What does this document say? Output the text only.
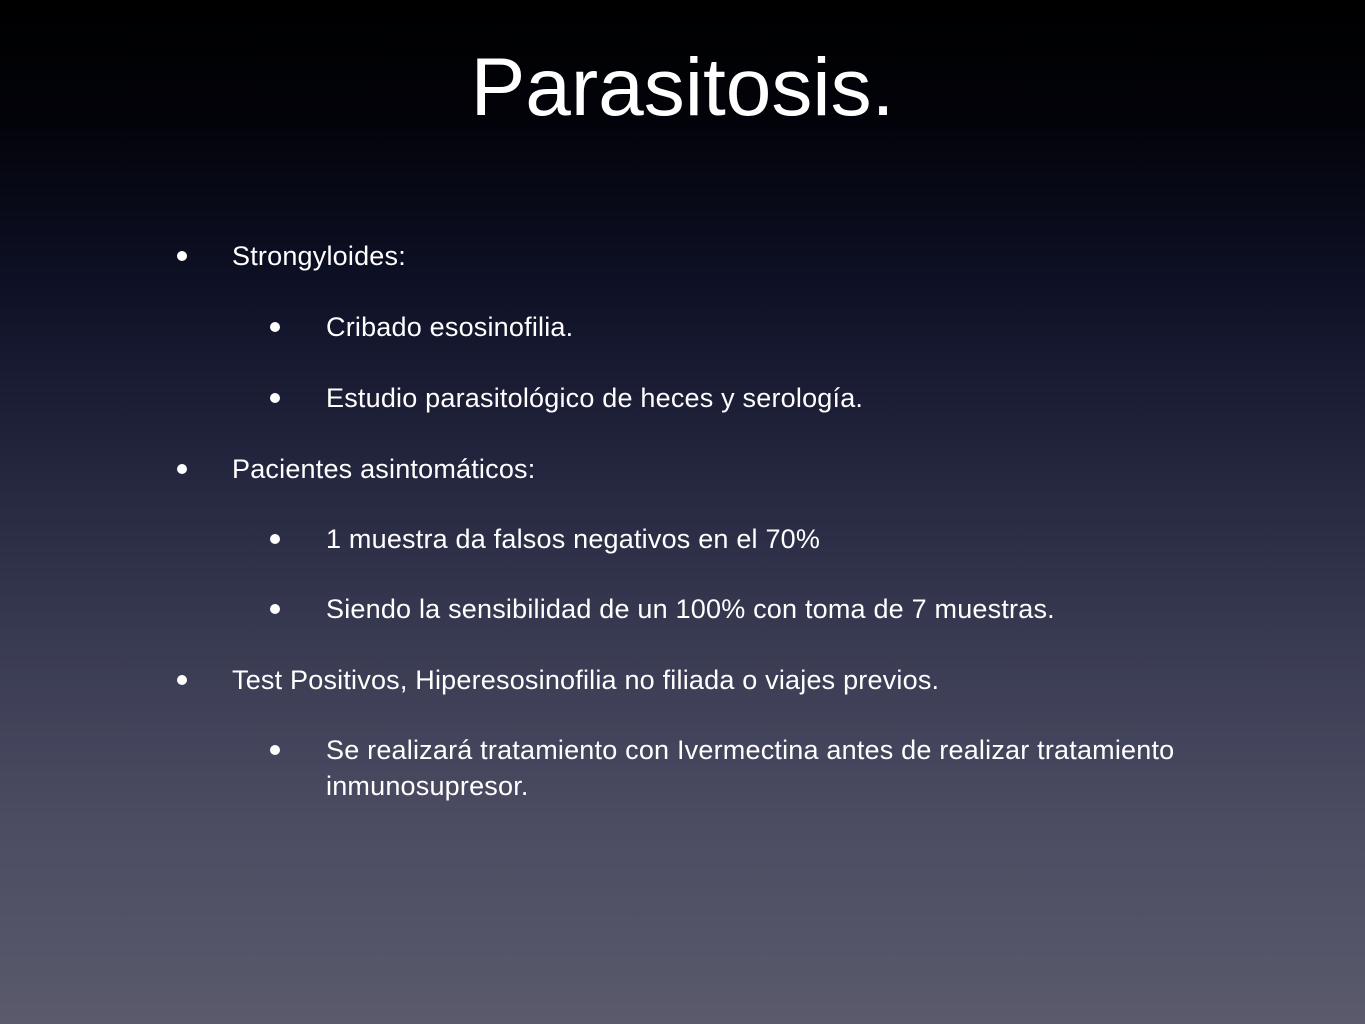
Parasitosis.
Strongyloides:
Cribado esosinofilia.
Estudio parasitológico de heces y serología.
Pacientes asintomáticos:
1 muestra da falsos negativos en el 70%
Siendo la sensibilidad de un 100% con toma de 7 muestras.
Test Positivos, Hiperesosinofilia no filiada o viajes previos.
Se realizará tratamiento con Ivermectina antes de realizar tratamiento inmunosupresor.
